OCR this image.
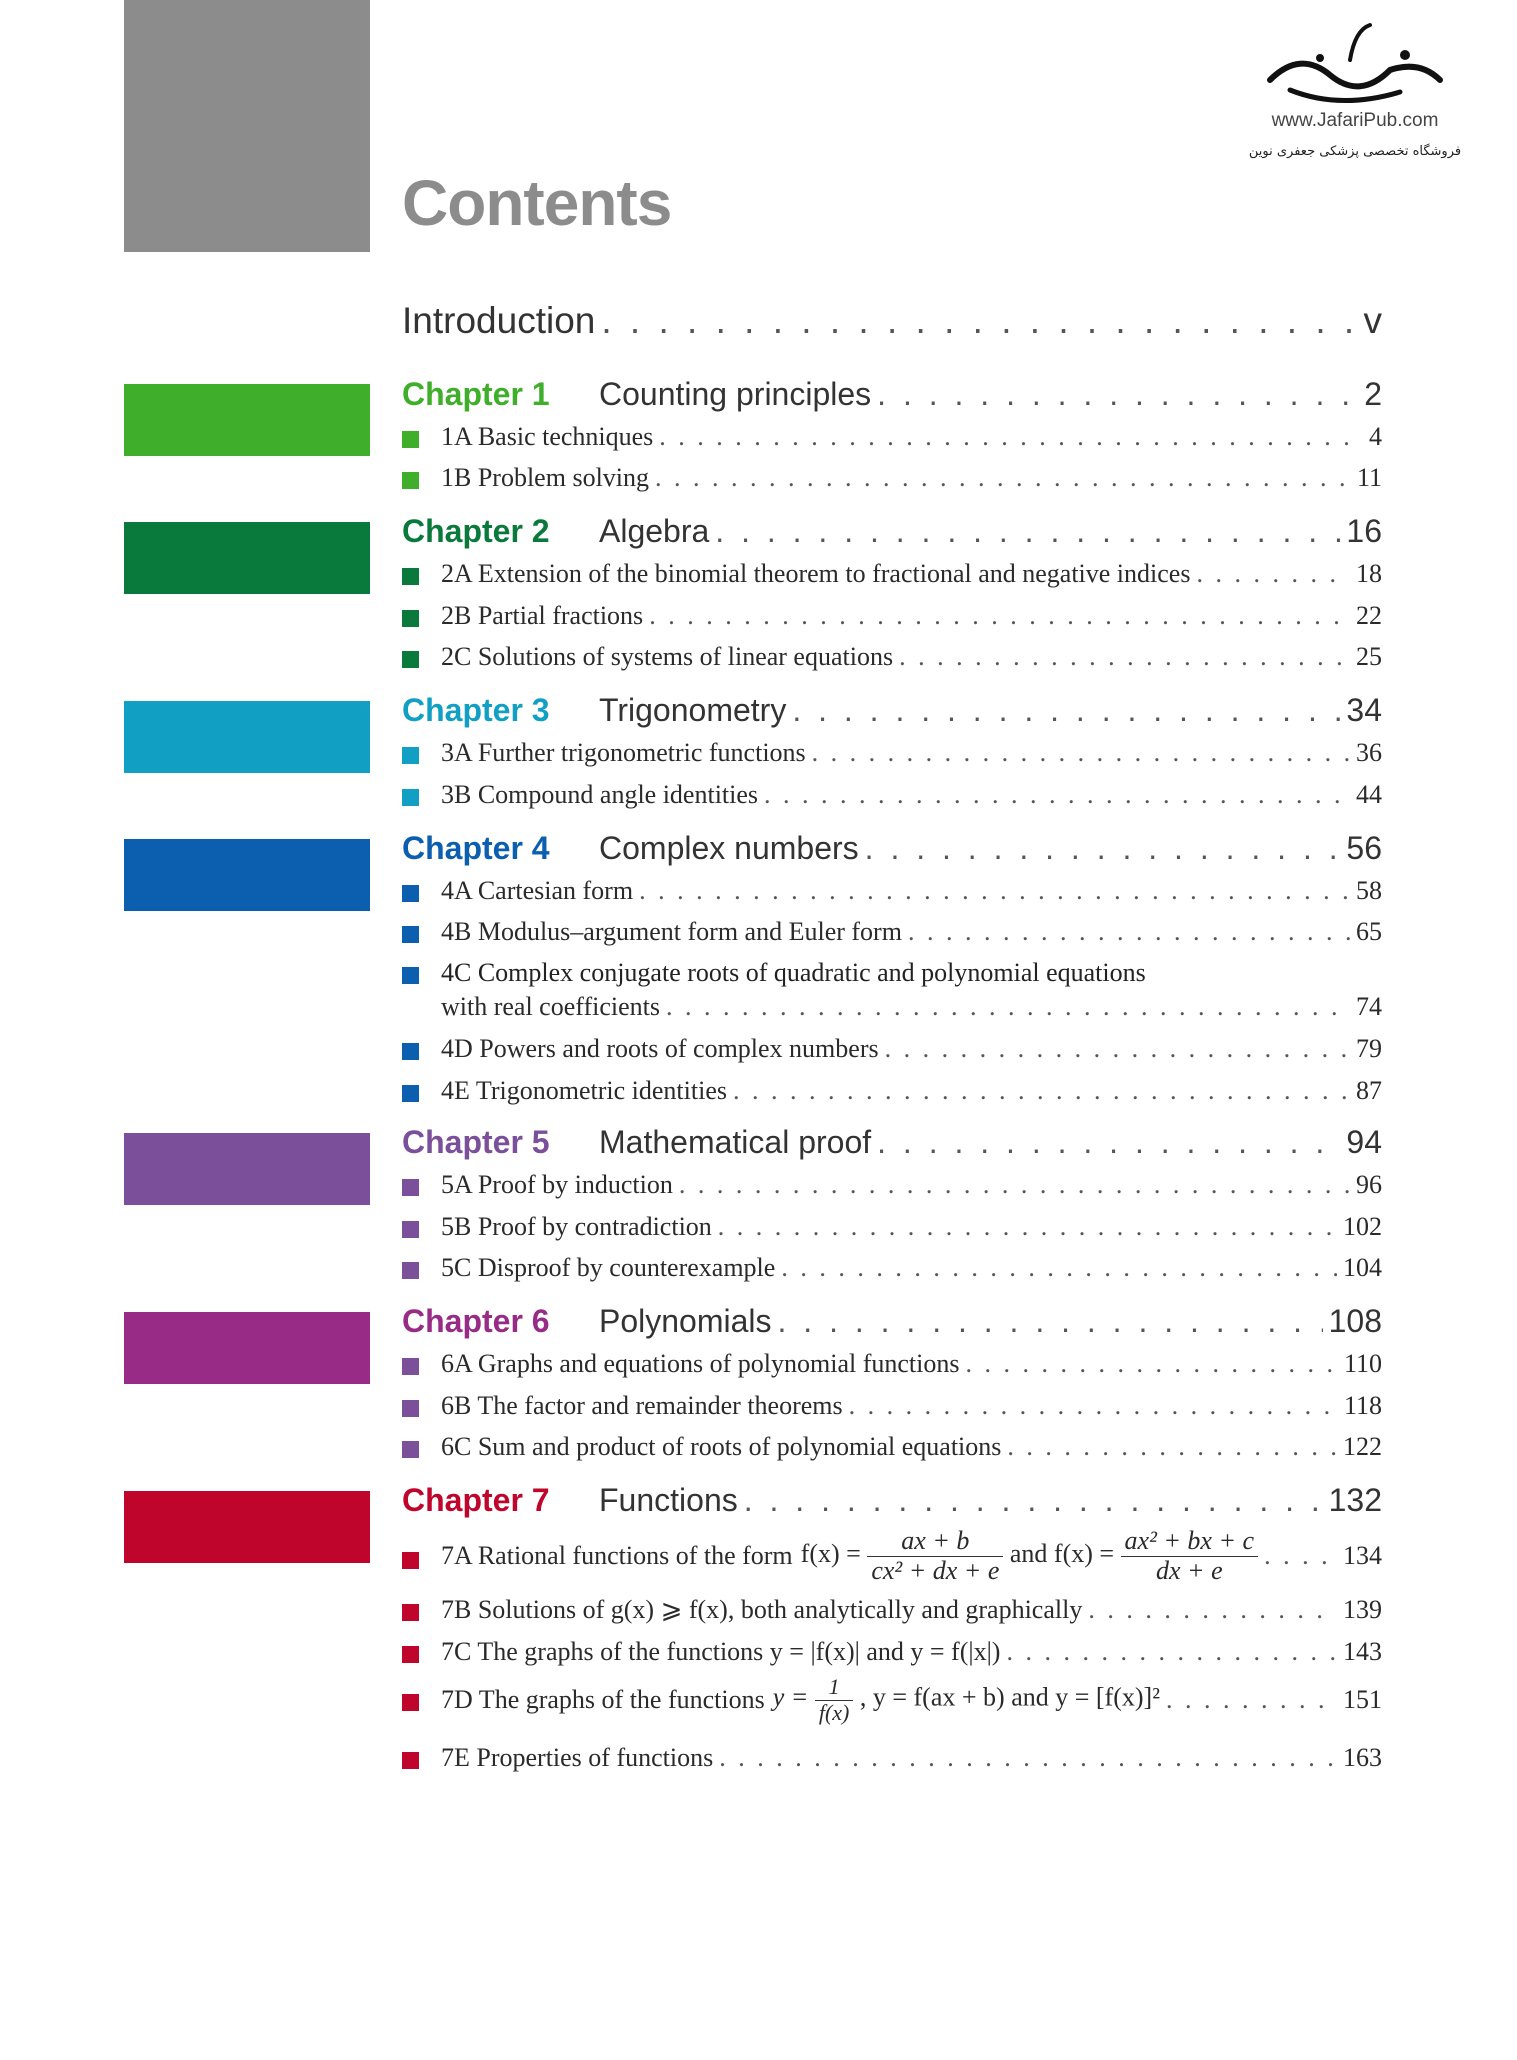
www.JafariPub.com
فروشگاه تخصصی پزشکی جعفری نوین
Contents
Introduction . . .	v
Chapter 1	Counting principles . . .	2
1A Basic techniques . . .	4
1B Problem solving . . .	11
Chapter 2	Algebra . . .	16
2A Extension of the binomial theorem to fractional and negative indices . . .	18
2B Partial fractions . . .	22
2C Solutions of systems of linear equations . . .	25
Chapter 3	Trigonometry . . .	34
3A Further trigonometric functions . . .	36
3B Compound angle identities . . .	44
Chapter 4	Complex numbers . . .	56
4A Cartesian form . . .	58
4B Modulus–argument form and Euler form . . .	65
4C Complex conjugate roots of quadratic and polynomial equations
with real coefficients . . .	74
4D Powers and roots of complex numbers . . .	79
4E Trigonometric identities . . .	87
Chapter 5	Mathematical proof . . .	94
5A Proof by induction . . .	96
5B Proof by contradiction . . .	102
5C Disproof by counterexample . . .	104
Chapter 6	Polynomials . . .	108
6A Graphs and equations of polynomial functions . . .	110
6B The factor and remainder theorems . . .	118
6C Sum and product of roots of polynomial equations . . .	122
Chapter 7	Functions . . .	132
7A Rational functions of the form $f(x) = \frac{ax + b}{\text{cx² + dx + e}}$ and $f(x) = \frac{\text{ax² + bx + c}}{dx + e}$ . . .	134
7B Solutions of g(x) ⩾ f(x), both analytically and graphically . . .	139
7C The graphs of the functions y = |f(x)| and y = f(|x|) . . .	143
7D The graphs of the functions $y = \frac{1}{f(x)}$ , y = f(ax + b) and y = [f(x)]² . . .	151
7E Properties of functions . . .	163
